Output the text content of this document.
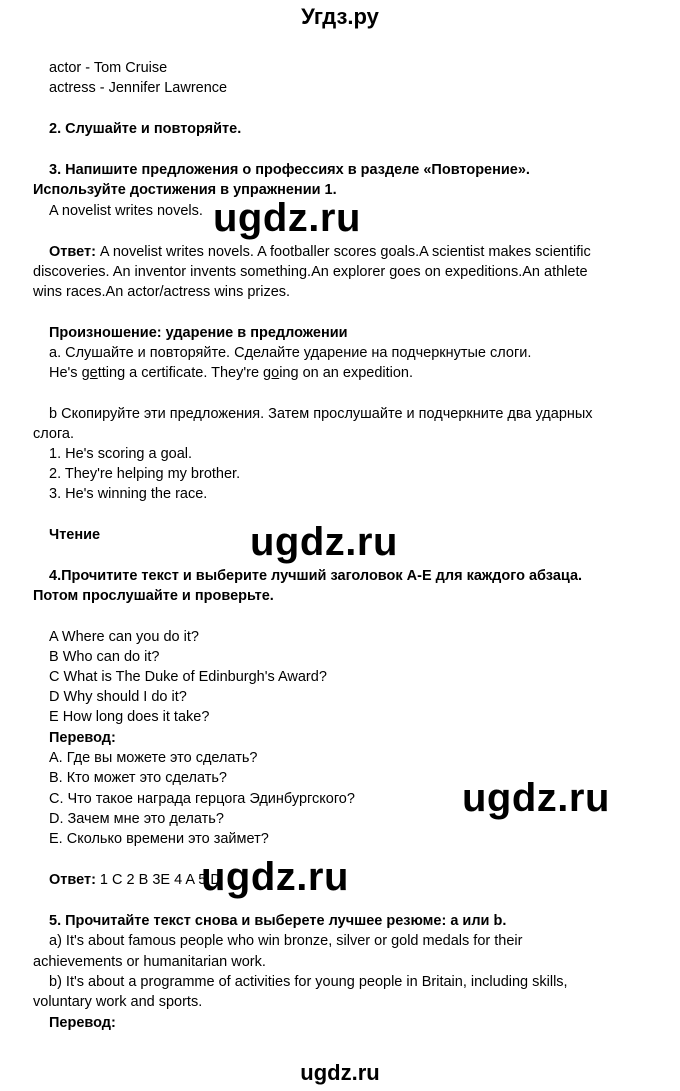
Угдз.ру
actor - Tom Cruise
actress - Jennifer Lawrence
2. Слушайте и повторяйте.
3. Напишите предложения о профессиях в разделе «Повторение».
Используйте достижения в упражнении 1.
A novelist writes novels.
Ответ: A novelist writes novels. A footballer scores goals.A scientist makes scientific
discoveries. An inventor invents something.An explorer goes on expeditions.An athlete
wins races.An actor/actress wins prizes.
Произношение: ударение в предложении
a. Слушайте и повторяйте. Сделайте ударение на подчеркнутые слоги.
He's getting a certificate. They're going on an expedition.
b Скопируйте эти предложения. Затем прослушайте и подчеркните два ударных
слога.
1. He's scoring a goal.
2. They're helping my brother.
3. He's winning the race.
Чтение
4.Прочитите текст и выберите лучший заголовок A-E для каждого абзаца.
Потом прослушайте и проверьте.
A Where can you do it?
B Who can do it?
C What is The Duke of Edinburgh's Award?
D Why should I do it?
E How long does it take?
Перевод:
А. Где вы можете это сделать?
B. Кто может это сделать?
C. Что такое награда герцога Эдинбургского?
D. Зачем мне это делать?
E. Сколько времени это займет?
Ответ: 1 C 2 B 3E 4 A 5 D
5. Прочитайте текст снова и выберете лучшее резюме: a или b.
a) It's about famous people who win bronze, silver or gold medals for their
achievements or humanitarian work.
b) It's about a programme of activities for young people in Britain, including skills,
voluntary work and sports.
Перевод:
ugdz.ru
ugdz.ru
ugdz.ru
ugdz.ru
ugdz.ru
